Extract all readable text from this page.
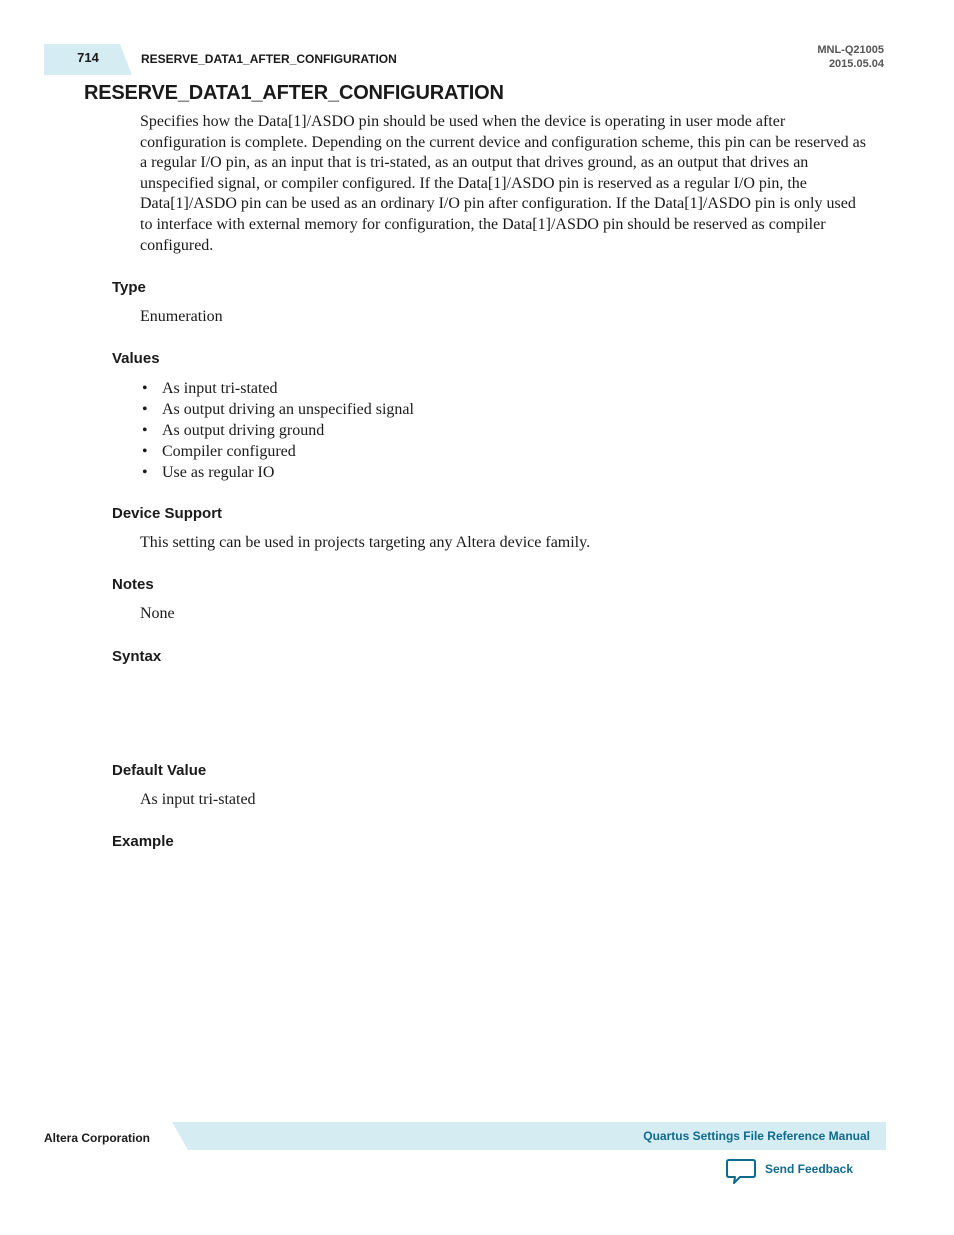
714	RESERVE_DATA1_AFTER_CONFIGURATION
MNL-Q21005
2015.05.04
RESERVE_DATA1_AFTER_CONFIGURATION

Specifies how the Data[1]/ASDO pin should be used when the device is operating in user mode after configuration is complete. Depending on the current device and configuration scheme, this pin can be reserved as a regular I/O pin, as an input that is tri-stated, as an output that drives ground, as an output that drives an unspecified signal, or compiler configured. If the Data[1]/ASDO pin is reserved as a regular I/O pin, the Data[1]/ASDO pin can be used as an ordinary I/O pin after configuration. If the Data[1]/ASDO pin is only used to interface with external memory for configuration, the Data[1]/ASDO pin should be reserved as compiler configured.

Type

Enumeration

Values
• As input tri-stated
• As output driving an unspecified signal
• As output driving ground
• Compiler configured
• Use as regular IO
Device Support

This setting can be used in projects targeting any Altera device family.

Notes

None

Syntax
Default Value

As input tri-stated

Example
Altera Corporation	Quartus Settings File Reference Manual
Send Feedback
